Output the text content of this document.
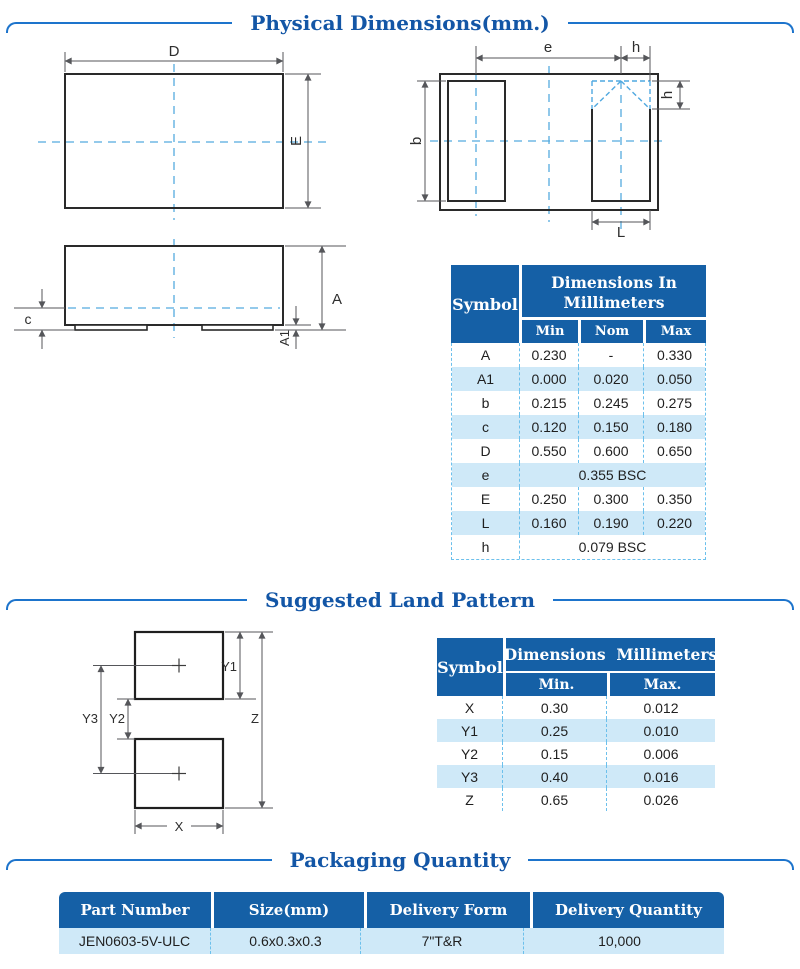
Physical Dimensions(mm.)
D
E
e	h
b
h
L
c
A
A1
Symbol
Dimensions In Millimeters
Min	Nom	Max
A	0.230	-	0.330
A1	0.000	0.020	0.050
b	0.215	0.245	0.275
c	0.120	0.150	0.180
D	0.550	0.600	0.650
e	0.355 BSC
E	0.250	0.300	0.350
L	0.160	0.190	0.220
h	0.079 BSC
Suggested Land Pattern
Y3 Y2
Y1
Z
X
Symbol
Dimensions  Millimeters
Min.	Max.
X	0.30	0.012
Y1	0.25	0.010
Y2	0.15	0.006
Y3	0.40	0.016
Z	0.65	0.026
Packaging Quantity
Part Number	Size(mm)	Delivery Form	Delivery Quantity
JEN0603-5V-ULC	0.6x0.3x0.3	7"T&R	10,000
